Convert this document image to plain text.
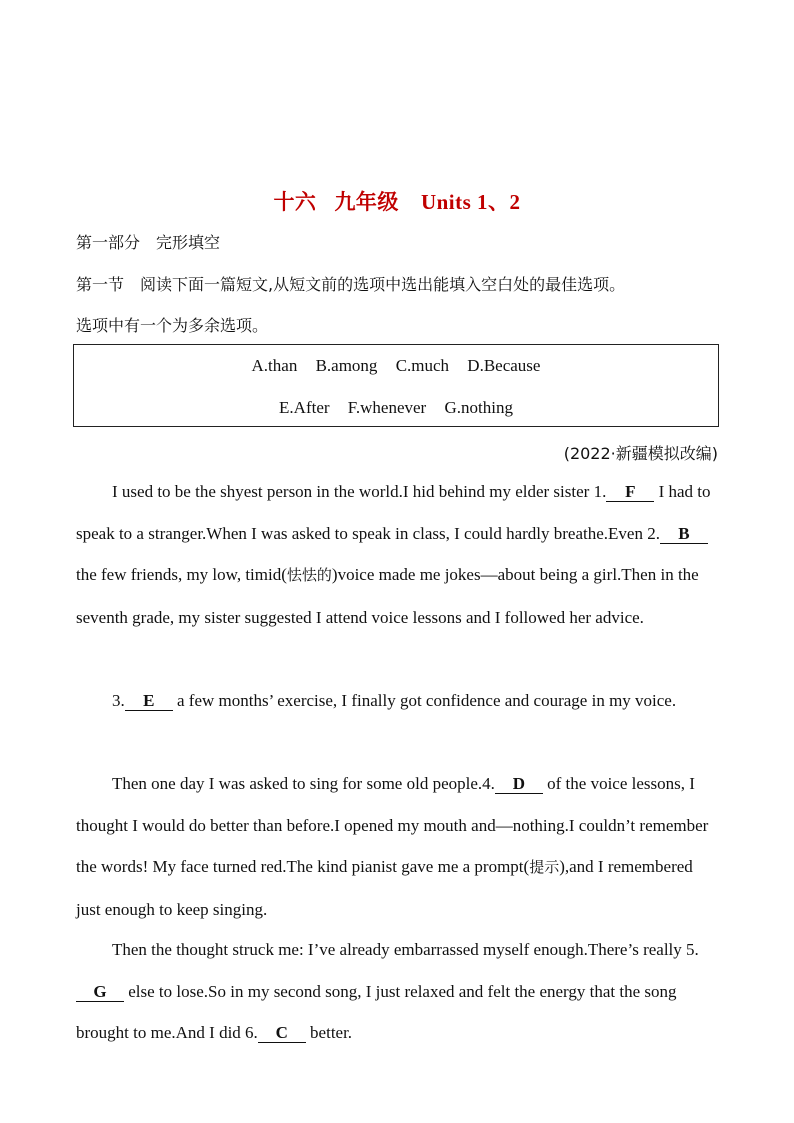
十六 九年级 Units 1、2
第一部分　完形填空
第一节　阅读下面一篇短文,从短文前的选项中选出能填入空白处的最佳选项。
选项中有一个为多余选项。
A.than B.among C.much D.Because
E.After F.whenever G.nothing
(2022·新疆模拟改编)
I used to be the shyest person in the world.I hid behind my elder sister 1. F I had to speak to a stranger.When I was asked to speak in class, I could hardly breathe.Even 2. B the few friends, my low, timid(怯怯的)voice made me jokes—about being a girl.Then in the seventh grade, my sister suggested I attend voice lessons and I followed her advice.
3. E a few months’ exercise, I finally got confidence and courage in my voice.
Then one day I was asked to sing for some old people.4. D of the voice lessons, I thought I would do better than before.I opened my mouth and—nothing.I couldn’t remember the words! My face turned red.The kind pianist gave me a prompt(提示),and I remembered just enough to keep singing.
Then the thought struck me: I’ve already embarrassed myself enough.There’s really 5.G else to lose.So in my second song, I just relaxed and felt the energy that the song brought to me.And I did 6. C better.
